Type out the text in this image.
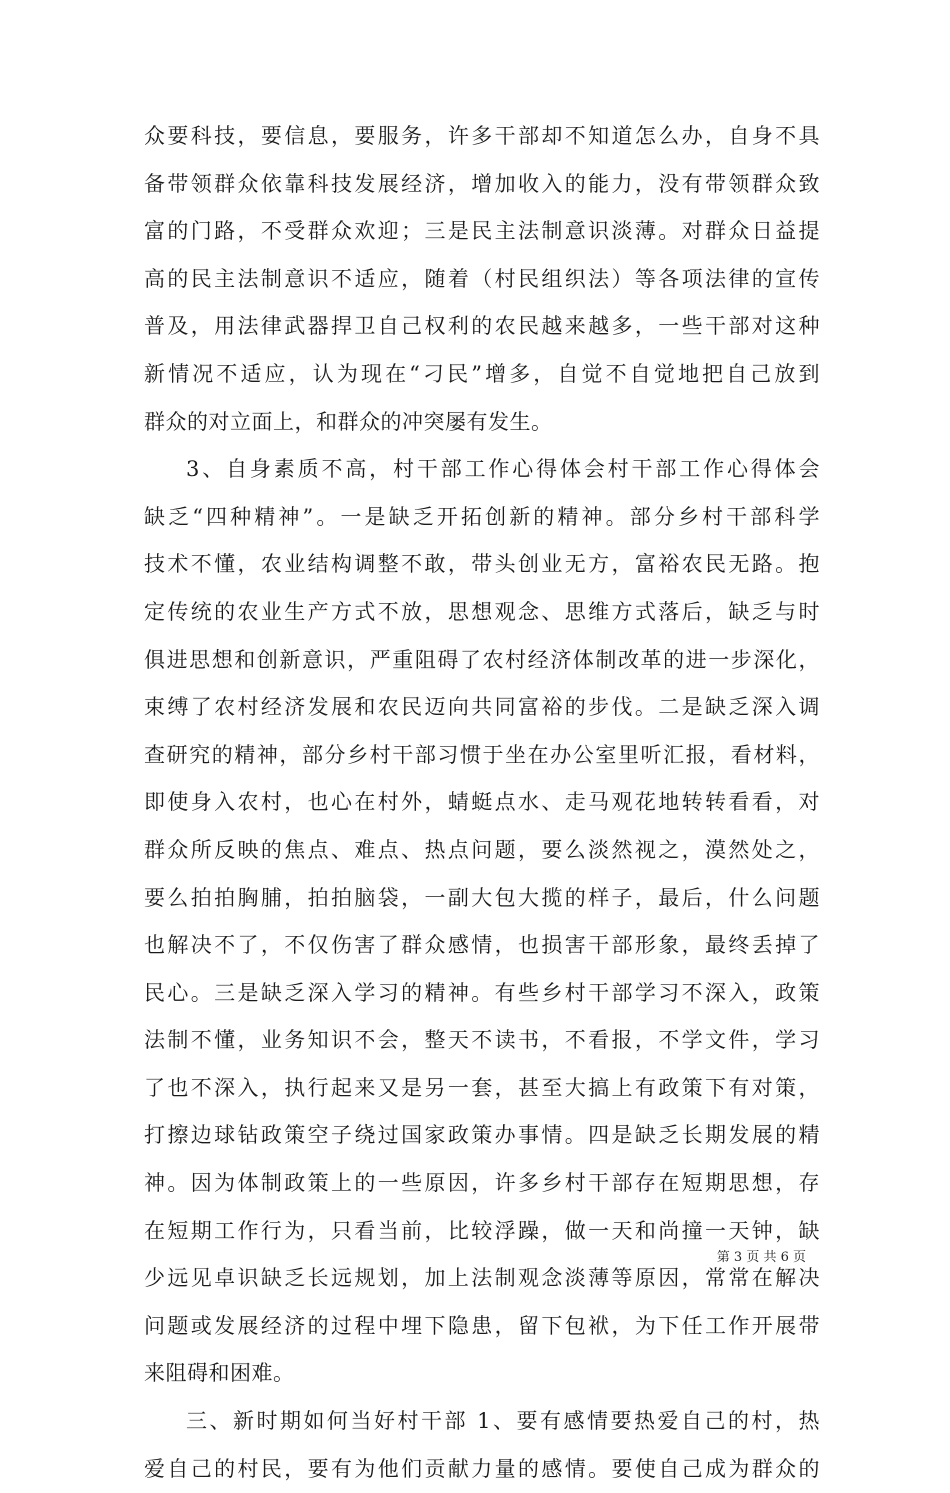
众要科技，要信息，要服务，许多干部却不知道怎么办，自身不具
备带领群众依靠科技发展经济，增加收入的能力，没有带领群众致
富的门路，不受群众欢迎；三是民主法制意识淡薄。对群众日益提
高的民主法制意识不适应，随着（村民组织法）等各项法律的宣传
普及，用法律武器捍卫自己权利的农民越来越多，一些干部对这种
新情况不适应，认为现在“刁民”增多，自觉不自觉地把自己放到
群众的对立面上，和群众的冲突屡有发生。
3、自身素质不高，村干部工作心得体会村干部工作心得体会
缺乏“四种精神”。一是缺乏开拓创新的精神。部分乡村干部科学
技术不懂，农业结构调整不敢，带头创业无方，富裕农民无路。抱
定传统的农业生产方式不放，思想观念、思维方式落后，缺乏与时
俱进思想和创新意识，严重阻碍了农村经济体制改革的进一步深化，
束缚了农村经济发展和农民迈向共同富裕的步伐。二是缺乏深入调
查研究的精神，部分乡村干部习惯于坐在办公室里听汇报，看材料，
即使身入农村，也心在村外，蜻蜓点水、走马观花地转转看看，对
群众所反映的焦点、难点、热点问题，要么淡然视之，漠然处之，
要么拍拍胸脯，拍拍脑袋，一副大包大揽的样子，最后，什么问题
也解决不了，不仅伤害了群众感情，也损害干部形象，最终丢掉了
民心。三是缺乏深入学习的精神。有些乡村干部学习不深入，政策
法制不懂，业务知识不会，整天不读书，不看报，不学文件，学习
了也不深入，执行起来又是另一套，甚至大搞上有政策下有对策，
打擦边球钻政策空子绕过国家政策办事情。四是缺乏长期发展的精
神。因为体制政策上的一些原因，许多乡村干部存在短期思想，存
在短期工作行为，只看当前，比较浮躁，做一天和尚撞一天钟，缺
少远见卓识缺乏长远规划，加上法制观念淡薄等原因，常常在解决
问题或发展经济的过程中埋下隐患，留下包袱，为下任工作开展带
来阻碍和困难。
三、新时期如何当好村干部 1、要有感情要热爱自己的村，热
爱自己的村民，要有为他们贡献力量的感情。要使自己成为群众的
第 3 页 共 6 页
